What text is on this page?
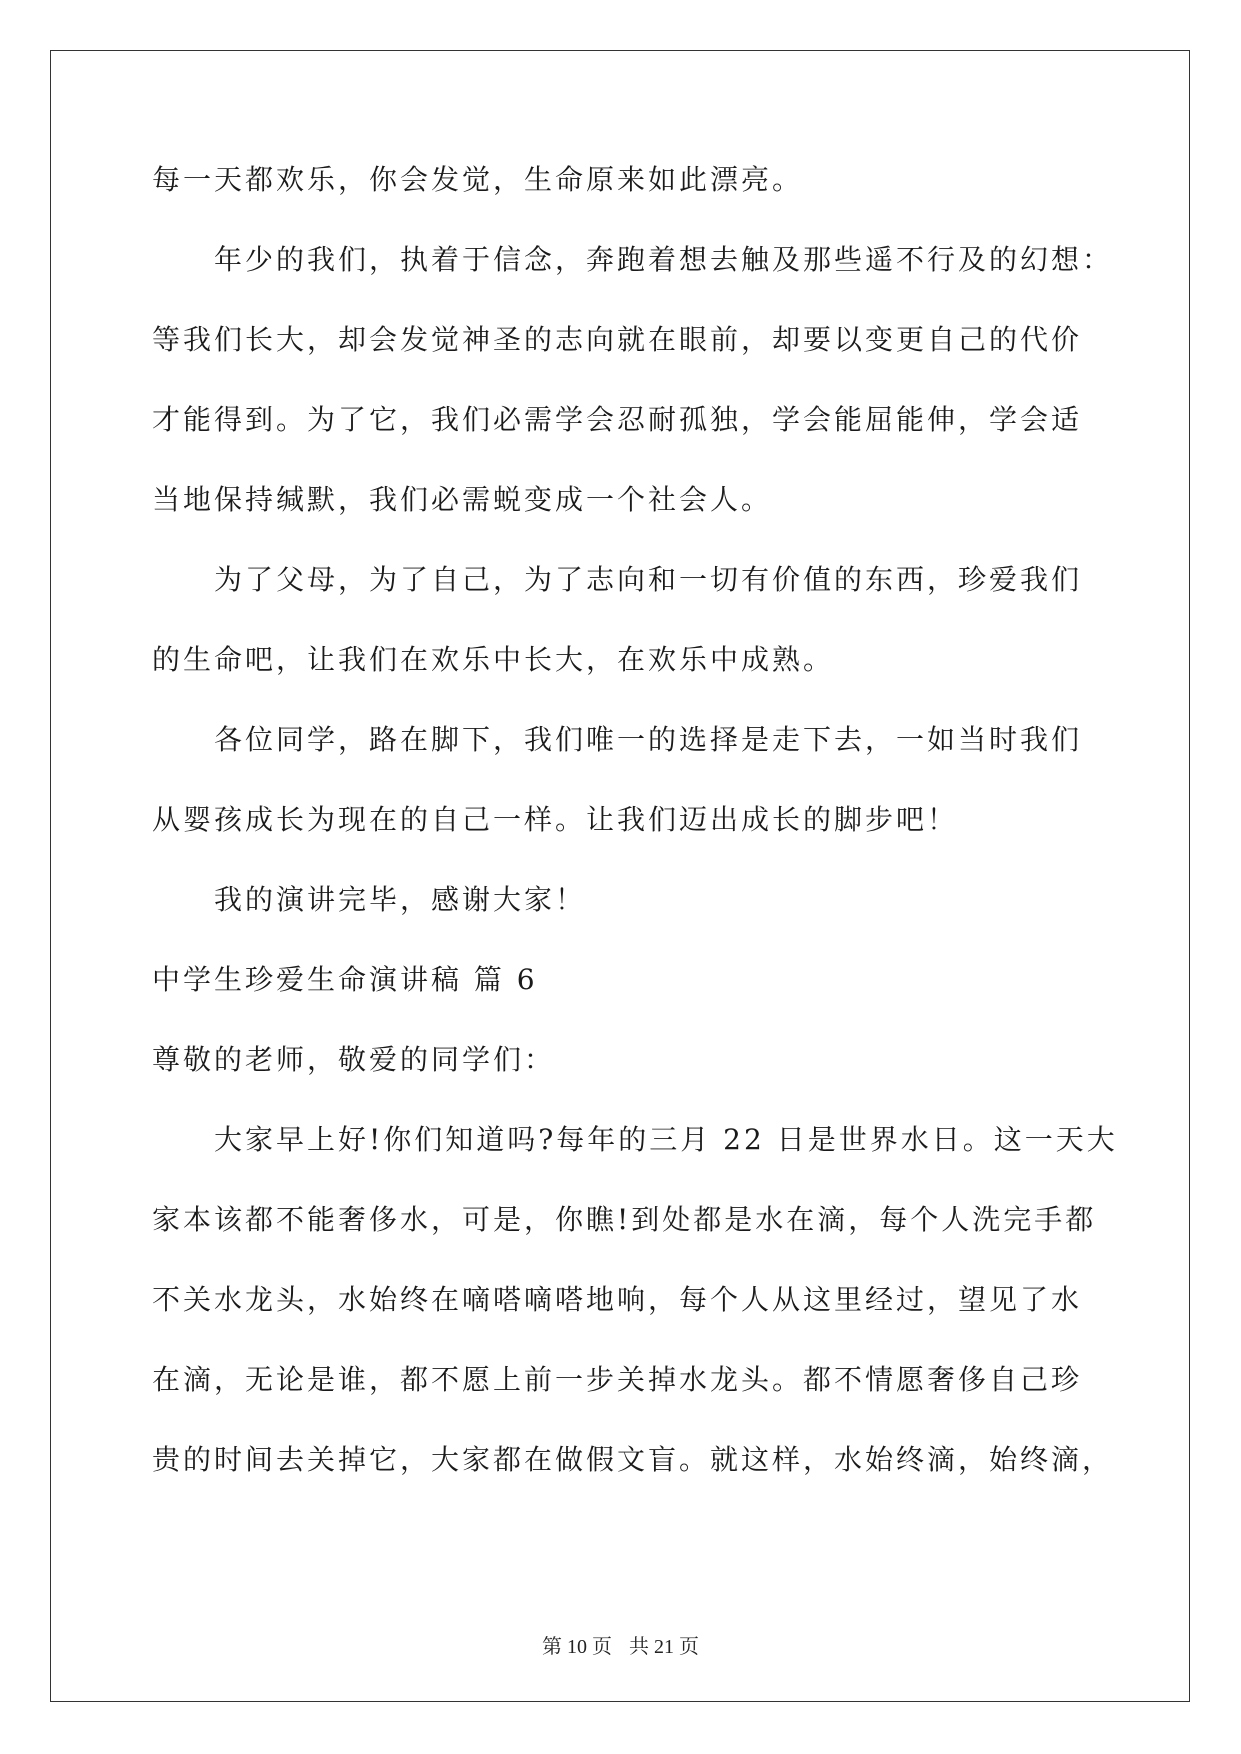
每一天都欢乐，你会发觉，生命原来如此漂亮。
年少的我们，执着于信念，奔跑着想去触及那些遥不行及的幻想：
等我们长大，却会发觉神圣的志向就在眼前，却要以变更自己的代价
才能得到。为了它，我们必需学会忍耐孤独，学会能屈能伸，学会适
当地保持缄默，我们必需蜕变成一个社会人。
为了父母，为了自己，为了志向和一切有价值的东西，珍爱我们
的生命吧，让我们在欢乐中长大，在欢乐中成熟。
各位同学，路在脚下，我们唯一的选择是走下去，一如当时我们
从婴孩成长为现在的自己一样。让我们迈出成长的脚步吧！
我的演讲完毕，感谢大家！
中学生珍爱生命演讲稿 篇 6
尊敬的老师，敬爱的同学们：
大家早上好!你们知道吗?每年的三月 22 日是世界水日。这一天大
家本该都不能奢侈水，可是，你瞧!到处都是水在滴，每个人洗完手都
不关水龙头，水始终在嘀嗒嘀嗒地响，每个人从这里经过，望见了水
在滴，无论是谁，都不愿上前一步关掉水龙头。都不情愿奢侈自己珍
贵的时间去关掉它，大家都在做假文盲。就这样，水始终滴，始终滴，
第 10 页 共 21 页
